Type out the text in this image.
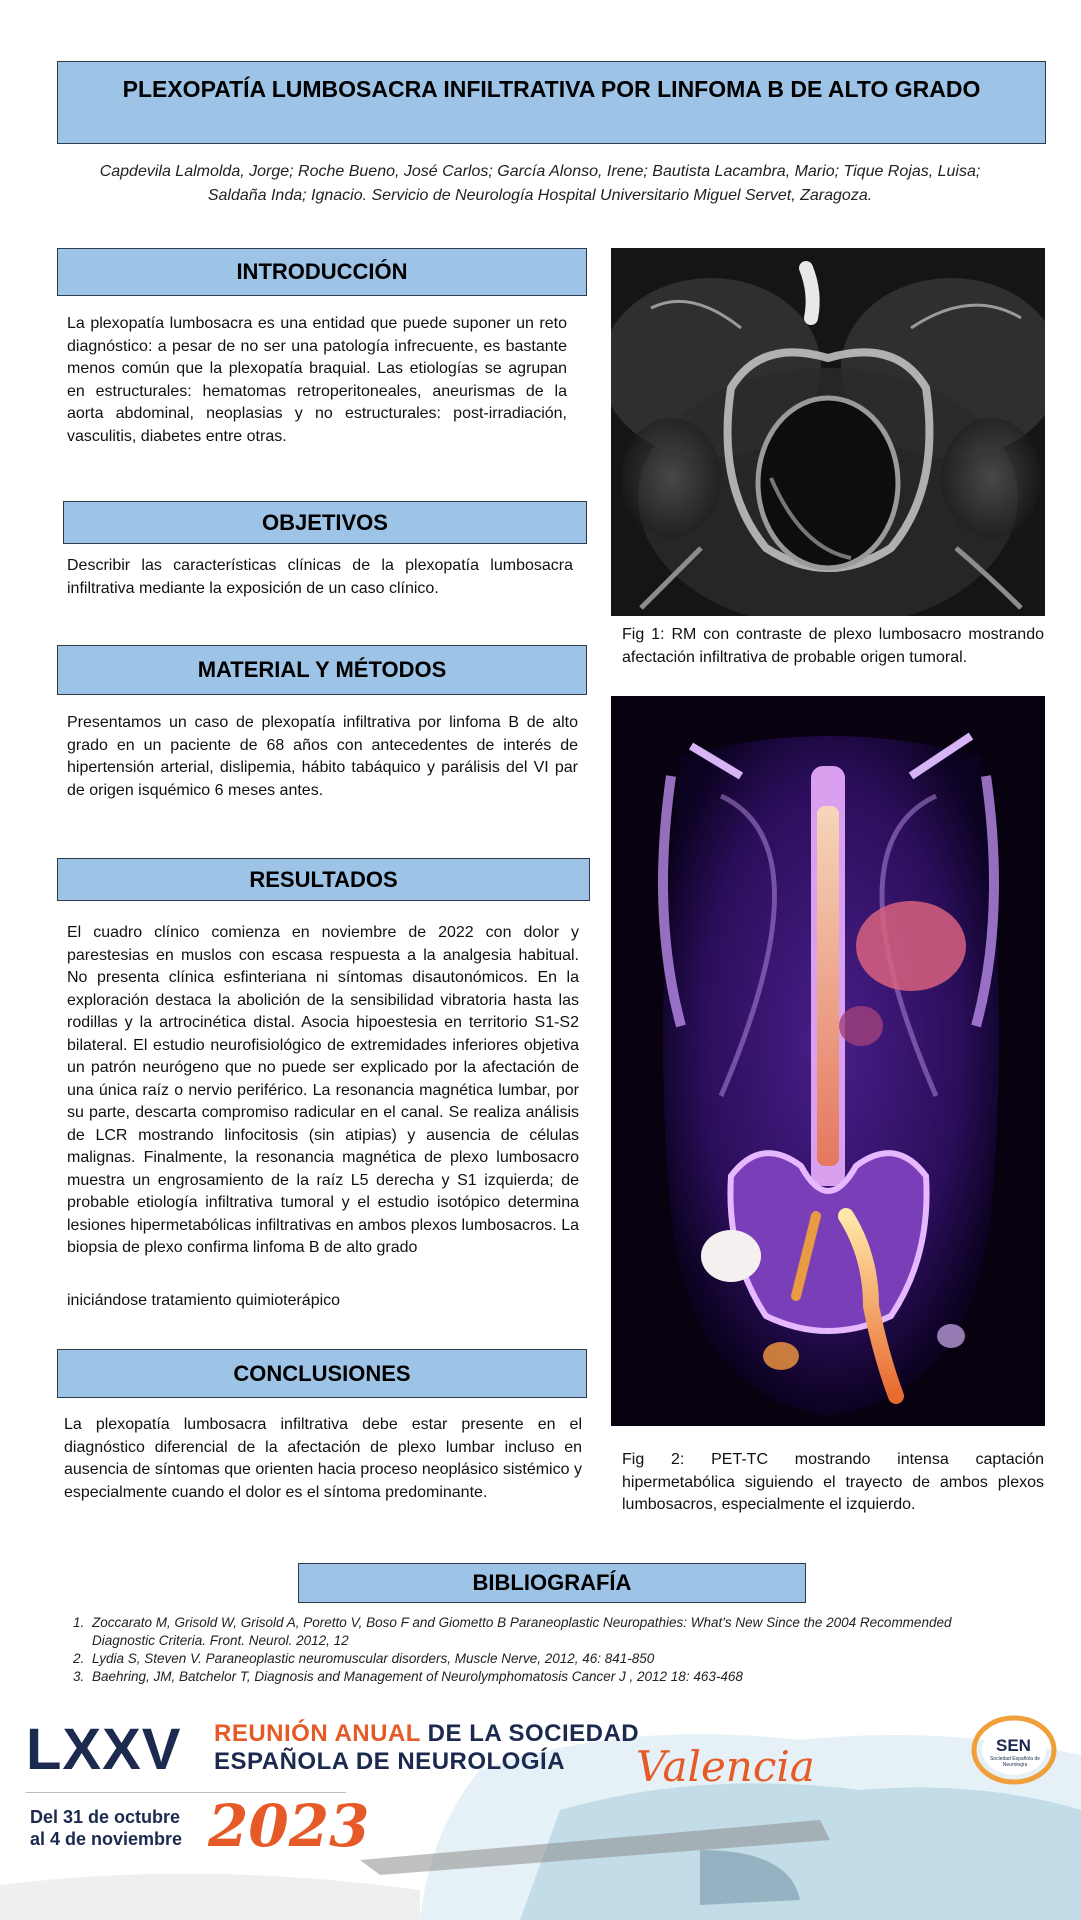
PLEXOPATÍA LUMBOSACRA INFILTRATIVA POR LINFOMA B DE ALTO GRADO
Capdevila Lalmolda, Jorge; Roche Bueno, José Carlos; García Alonso, Irene; Bautista Lacambra, Mario; Tique Rojas, Luisa;
Saldaña Inda; Ignacio. Servicio de Neurología Hospital Universitario Miguel Servet, Zaragoza.
INTRODUCCIÓN

La plexopatía lumbosacra es una entidad que puede suponer un reto diagnóstico: a pesar de no ser una patología infrecuente, es bastante menos común que la plexopatía braquial. Las etiologías se agrupan en estructurales: hematomas retroperitoneales, aneurismas de la aorta abdominal, neoplasias y no estructurales: post-irradiación, vasculitis, diabetes entre otras.

OBJETIVOS

Describir las características clínicas de la plexopatía lumbosacra infiltrativa mediante la exposición de un caso clínico.

MATERIAL Y MÉTODOS

Presentamos un caso de plexopatía infiltrativa por linfoma B de alto grado en un paciente de 68 años con antecedentes de interés de hipertensión arterial, dislipemia, hábito tabáquico y parálisis del VI par de origen isquémico 6 meses antes.

RESULTADOS

El cuadro clínico comienza en noviembre de 2022 con dolor y parestesias en muslos con escasa respuesta a la analgesia habitual. No presenta clínica esfinteriana ni síntomas disautonómicos. En la exploración destaca la abolición de la sensibilidad vibratoria hasta las rodillas y la artrocinética distal. Asocia hipoestesia en territorio S1-S2 bilateral. El estudio neurofisiológico de extremidades inferiores objetiva un patrón neurógeno que no puede ser explicado por la afectación de una única raíz o nervio periférico. La resonancia magnética lumbar, por su parte, descarta compromiso radicular en el canal. Se realiza análisis de LCR mostrando linfocitosis (sin atipias) y ausencia de células malignas. Finalmente, la resonancia magnética de plexo lumbosacro muestra un engrosamiento de la raíz L5 derecha y S1 izquierda; de probable etiología infiltrativa tumoral y el estudio isotópico determina lesiones hipermetabólicas infiltrativas en ambos plexos lumbosacros. La biopsia de plexo confirma linfoma B de alto grado

iniciándose tratamiento quimioterápico

CONCLUSIONES

La plexopatía lumbosacra infiltrativa debe estar presente en el diagnóstico diferencial de la afectación de plexo lumbar incluso en ausencia de síntomas que orienten hacia proceso neoplásico sistémico y especialmente cuando el dolor es el síntoma predominante.

Fig 1: RM con contraste de plexo lumbosacro mostrando afectación infiltrativa de probable origen tumoral.

Fig 2: PET-TC mostrando intensa captación hipermetabólica siguiendo el trayecto de ambos plexos lumbosacros, especialmente el izquierdo.

BIBLIOGRAFÍA
1. Zoccarato M, Grisold W, Grisold A, Poretto V, Boso F and Giometto B Paraneoplastic Neuropathies: What's New Since the 2004 Recommended Diagnostic Criteria. Front. Neurol. 2012, 12
2. Lydia S, Steven V. Paraneoplastic neuromuscular disorders, Muscle Nerve, 2012, 46: 841-850
3. Baehring, JM, Batchelor T, Diagnosis and Management of Neurolymphomatosis Cancer J , 2012 18: 463-468
LXXV REUNIÓN ANUAL DE LA SOCIEDAD
ESPAÑOLA DE NEUROLOGÍA Valencia
Del 31 de octubre
al 4 de noviembre 2023
SEN
Sociedad Española de Neurología
